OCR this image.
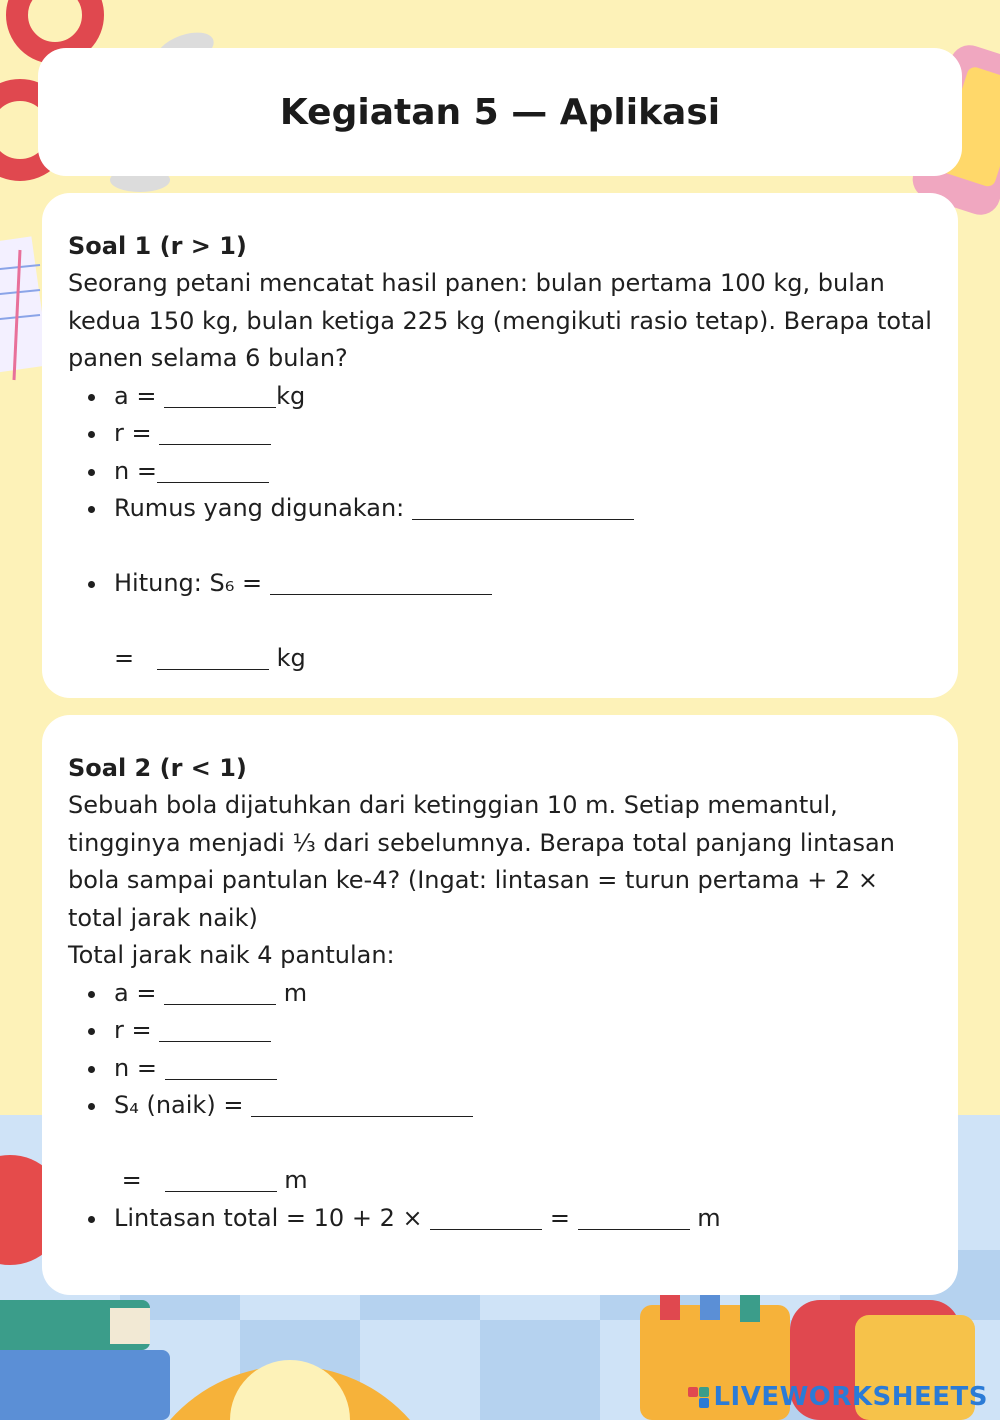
Kegiatan 5 — Aplikasi
Soal 1 (r > 1)
Seorang petani mencatat hasil panen: bulan pertama 100 kg, bulan kedua 150 kg, bulan ketiga 225 kg (mengikuti rasio tetap). Berapa total panen selama 6 bulan?
a =	kg
r =
n =
Rumus yang digunakan:
Hitung: S₆ =
=	kg
Soal 2 (r < 1)
Sebuah bola dijatuhkan dari ketinggian 10 m. Setiap memantul, tingginya menjadi ⅓ dari sebelumnya. Berapa total panjang lintasan bola sampai pantulan ke-4? (Ingat: lintasan = turun pertama + 2 × total jarak naik)
Total jarak naik 4 pantulan:
a =	m
r =
n =
S₄ (naik) =
=	m
Lintasan total = 10 + 2 ×	=	m
LIVEWORKSHEETS
